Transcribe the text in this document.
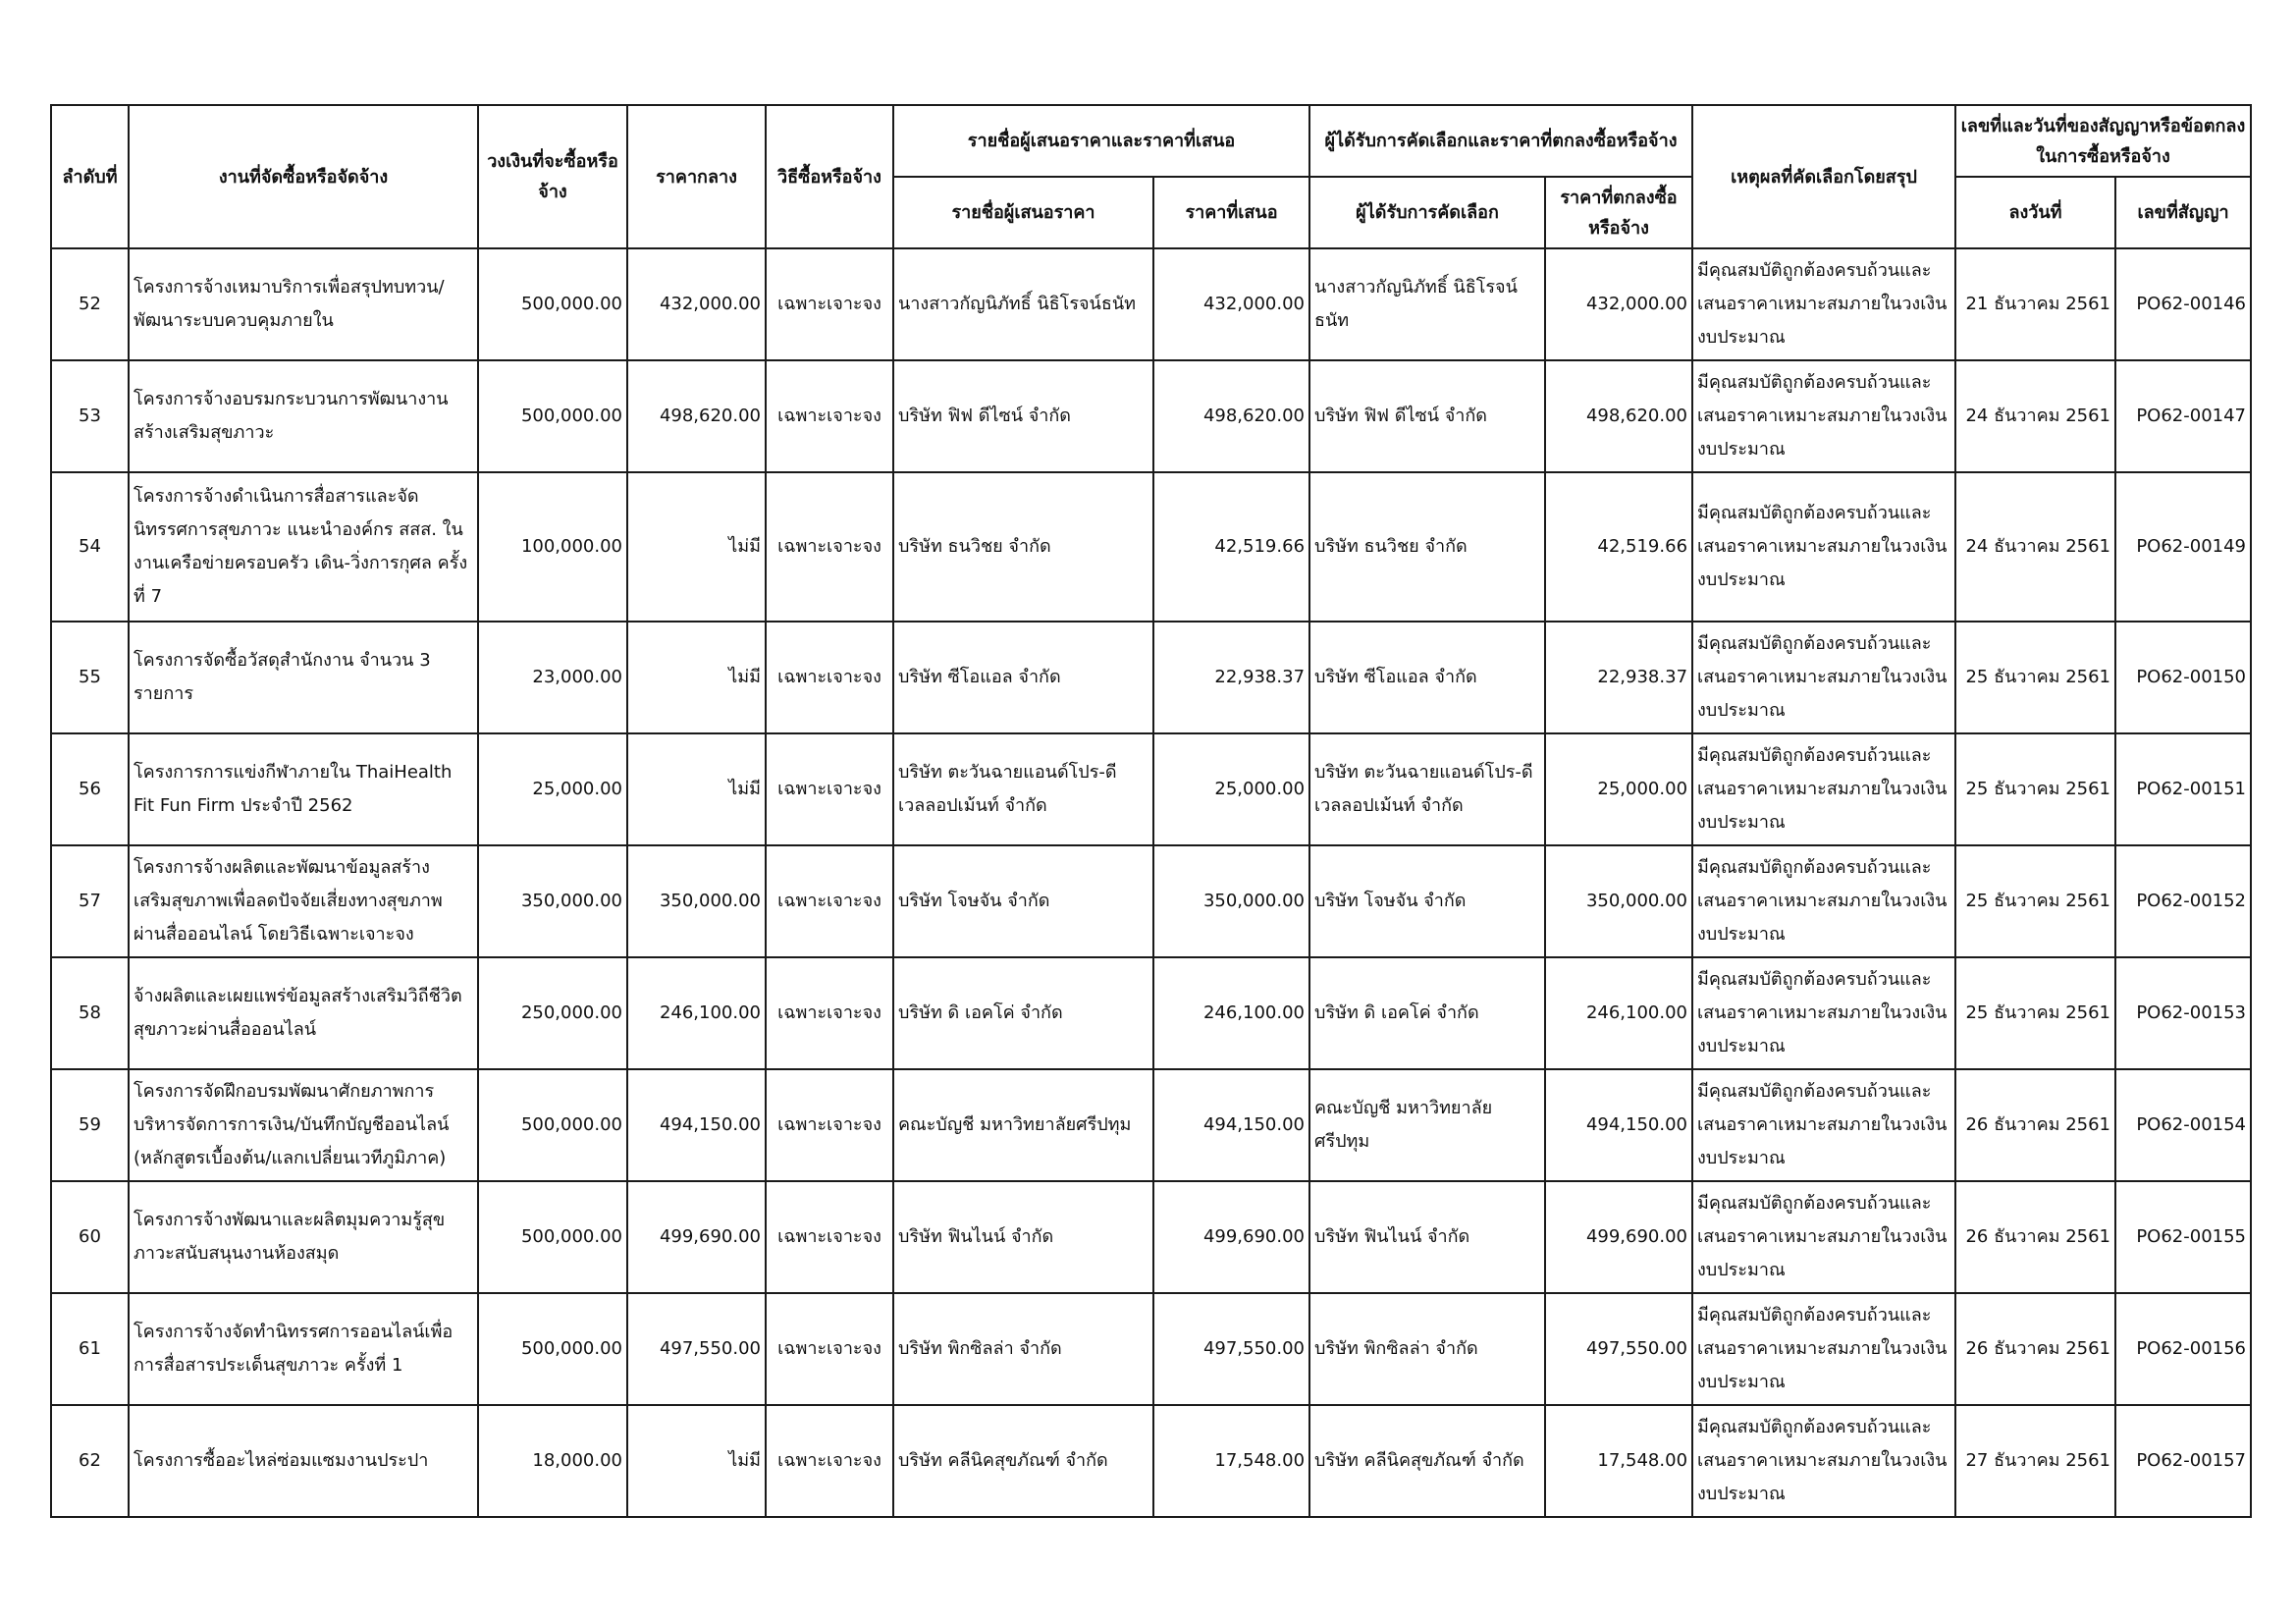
ลำดับที่	งานที่จัดซื้อหรือจัดจ้าง	วงเงินที่จะซื้อหรือจ้าง	ราคากลาง	วิธีซื้อหรือจ้าง	รายชื่อผู้เสนอราคาและราคาที่เสนอ		ผู้ได้รับการคัดเลือกและราคาที่ตกลงซื้อหรือจ้าง		เหตุผลที่คัดเลือกโดยสรุป	เลขที่และวันที่ของสัญญาหรือข้อตกลงในการซื้อหรือจ้าง	
					รายชื่อผู้เสนอราคา	ราคาที่เสนอ	ผู้ได้รับการคัดเลือก	ราคาที่ตกลงซื้อหรือจ้าง		ลงวันที่	เลขที่สัญญา
52	โครงการจ้างเหมาบริการเพื่อสรุปทบทวน/พัฒนาระบบควบคุมภายใน	500,000.00	432,000.00	เฉพาะเจาะจง	นางสาวกัญนิภัทธิ์ นิธิโรจน์ธนัท	432,000.00	นางสาวกัญนิภัทธิ์ นิธิโรจน์ธนัท	432,000.00	มีคุณสมบัติถูกต้องครบถ้วนและเสนอราคาเหมาะสมภายในวงเงินงบประมาณ	21 ธันวาคม 2561	PO62-00146
53	โครงการจ้างอบรมกระบวนการพัฒนางานสร้างเสริมสุขภาวะ	500,000.00	498,620.00	เฉพาะเจาะจง	บริษัท ฟิฟ ดีไซน์ จำกัด	498,620.00	บริษัท ฟิฟ ดีไซน์ จำกัด	498,620.00	มีคุณสมบัติถูกต้องครบถ้วนและเสนอราคาเหมาะสมภายในวงเงินงบประมาณ	24 ธันวาคม 2561	PO62-00147
54	โครงการจ้างดำเนินการสื่อสารและจัดนิทรรศการสุขภาวะ แนะนำองค์กร สสส. ในงานเครือข่ายครอบครัว เดิน-วิ่งการกุศล ครั้งที่ 7	100,000.00	ไม่มี	เฉพาะเจาะจง	บริษัท ธนวิชย จำกัด	42,519.66	บริษัท ธนวิชย จำกัด	42,519.66	มีคุณสมบัติถูกต้องครบถ้วนและเสนอราคาเหมาะสมภายในวงเงินงบประมาณ	24 ธันวาคม 2561	PO62-00149
55	โครงการจัดซื้อวัสดุสำนักงาน จำนวน 3 รายการ	23,000.00	ไม่มี	เฉพาะเจาะจง	บริษัท ซีโอแอล จำกัด	22,938.37	บริษัท ซีโอแอล จำกัด	22,938.37	มีคุณสมบัติถูกต้องครบถ้วนและเสนอราคาเหมาะสมภายในวงเงินงบประมาณ	25 ธันวาคม 2561	PO62-00150
56	โครงการการแข่งกีฬาภายใน ThaiHealth Fit Fun Firm ประจำปี 2562	25,000.00	ไม่มี	เฉพาะเจาะจง	บริษัท ตะวันฉายแอนด์โปร-ดีเวลลอปเม้นท์ จำกัด	25,000.00	บริษัท ตะวันฉายแอนด์โปร-ดีเวลลอปเม้นท์ จำกัด	25,000.00	มีคุณสมบัติถูกต้องครบถ้วนและเสนอราคาเหมาะสมภายในวงเงินงบประมาณ	25 ธันวาคม 2561	PO62-00151
57	โครงการจ้างผลิตและพัฒนาข้อมูลสร้างเสริมสุขภาพเพื่อลดปัจจัยเสี่ยงทางสุขภาพผ่านสื่อออนไลน์ โดยวิธีเฉพาะเจาะจง	350,000.00	350,000.00	เฉพาะเจาะจง	บริษัท โจษจัน จำกัด	350,000.00	บริษัท โจษจัน จำกัด	350,000.00	มีคุณสมบัติถูกต้องครบถ้วนและเสนอราคาเหมาะสมภายในวงเงินงบประมาณ	25 ธันวาคม 2561	PO62-00152
58	จ้างผลิตและเผยแพร่ข้อมูลสร้างเสริมวิถีชีวิตสุขภาวะผ่านสื่อออนไลน์	250,000.00	246,100.00	เฉพาะเจาะจง	บริษัท ดิ เอคโค่ จำกัด	246,100.00	บริษัท ดิ เอคโค่ จำกัด	246,100.00	มีคุณสมบัติถูกต้องครบถ้วนและเสนอราคาเหมาะสมภายในวงเงินงบประมาณ	25 ธันวาคม 2561	PO62-00153
59	โครงการจัดฝึกอบรมพัฒนาศักยภาพการบริหารจัดการการเงิน/บันทึกบัญชีออนไลน์ (หลักสูตรเบื้องต้น/แลกเปลี่ยนเวทีภูมิภาค)	500,000.00	494,150.00	เฉพาะเจาะจง	คณะบัญชี มหาวิทยาลัยศรีปทุม	494,150.00	คณะบัญชี มหาวิทยาลัยศรีปทุม	494,150.00	มีคุณสมบัติถูกต้องครบถ้วนและเสนอราคาเหมาะสมภายในวงเงินงบประมาณ	26 ธันวาคม 2561	PO62-00154
60	โครงการจ้างพัฒนาและผลิตมุมความรู้สุขภาวะสนับสนุนงานห้องสมุด	500,000.00	499,690.00	เฉพาะเจาะจง	บริษัท ฟินไนน์ จำกัด	499,690.00	บริษัท ฟินไนน์ จำกัด	499,690.00	มีคุณสมบัติถูกต้องครบถ้วนและเสนอราคาเหมาะสมภายในวงเงินงบประมาณ	26 ธันวาคม 2561	PO62-00155
61	โครงการจ้างจัดทำนิทรรศการออนไลน์เพื่อการสื่อสารประเด็นสุขภาวะ ครั้งที่ 1	500,000.00	497,550.00	เฉพาะเจาะจง	บริษัท พิกซิลล่า จำกัด	497,550.00	บริษัท พิกซิลล่า จำกัด	497,550.00	มีคุณสมบัติถูกต้องครบถ้วนและเสนอราคาเหมาะสมภายในวงเงินงบประมาณ	26 ธันวาคม 2561	PO62-00156
62	โครงการซื้ออะไหล่ซ่อมแซมงานประปา	18,000.00	ไม่มี	เฉพาะเจาะจง	บริษัท คลีนิคสุขภัณฑ์ จำกัด	17,548.00	บริษัท คลีนิคสุขภัณฑ์ จำกัด	17,548.00	มีคุณสมบัติถูกต้องครบถ้วนและเสนอราคาเหมาะสมภายในวงเงินงบประมาณ	27 ธันวาคม 2561	PO62-00157
